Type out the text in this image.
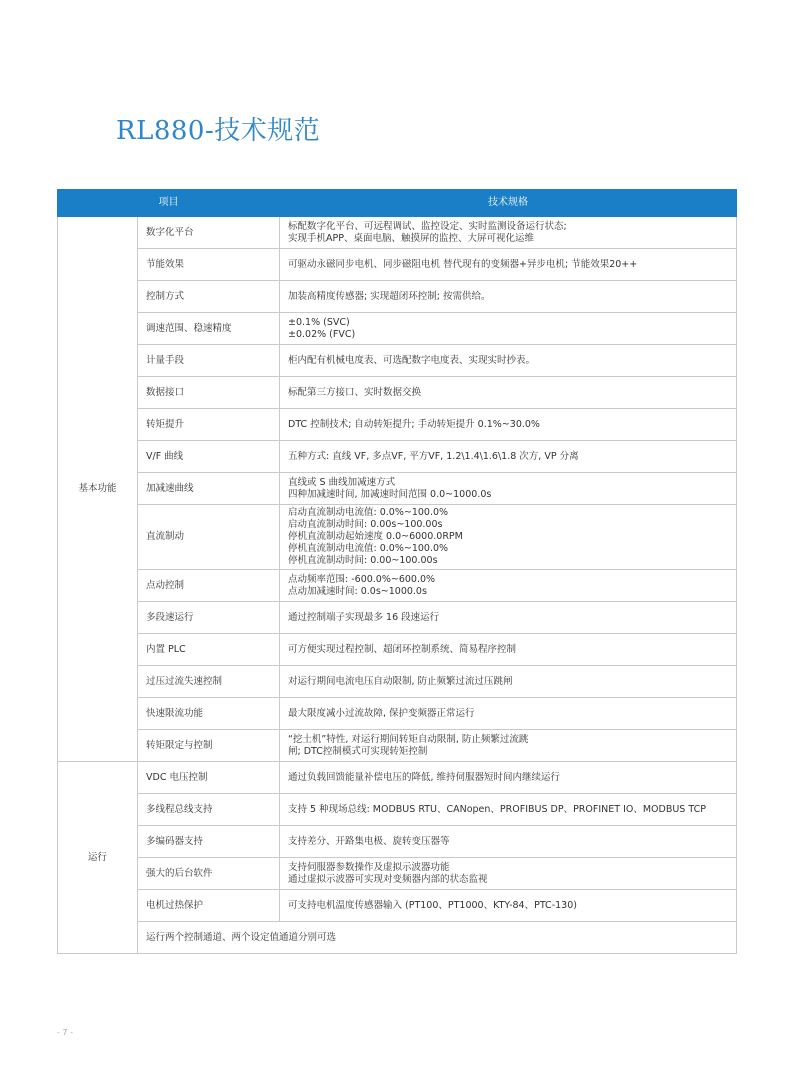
RL880-技术规范
项目		技术规格
基本功能	数字化平台	标配数字化平台、可远程调试、监控设定、实时监测设备运行状态;
实现手机APP、桌面电脑、触摸屏的监控、大屏可视化运维

	节能效果	可驱动永磁同步电机、同步磁阻电机 替代现有的变频器+异步电机; 节能效果20++

	控制方式	加装高精度传感器; 实现超闭环控制; 按需供给。

	调速范围、稳速精度	±0.1% (SVC)
±0.02% (FVC)

	计量手段	柜内配有机械电度表、可选配数字电度表、实现实时抄表。

	数据接口	标配第三方接口、实时数据交换

	转矩提升	DTC 控制技术; 自动转矩提升; 手动转矩提升 0.1%~30.0%

	V/F 曲线	五种方式: 直线 VF, 多点VF, 平方VF, 1.2\1.4\1.6\1.8 次方, VP 分离

	加减速曲线	直线或 S 曲线加减速方式
四种加减速时间, 加减速时间范围 0.0~1000.0s

	直流制动	启动直流制动电流值: 0.0%~100.0%
启动直流制动时间: 0.00s~100.00s
停机直流制动起始速度 0.0~6000.0RPM
停机直流制动电流值: 0.0%~100.0%
停机直流制动时间: 0.00~100.00s

	点动控制	点动频率范围: -600.0%~600.0%
点动加减速时间: 0.0s~1000.0s

	多段速运行	通过控制端子实现最多 16 段速运行

	内置 PLC	可方便实现过程控制、超闭环控制系统、简易程序控制

	过压过流失速控制	对运行期间电流电压自动限制, 防止频繁过流过压跳闸

	快速限流功能	最大限度减小过流故障, 保护变频器正常运行

	转矩限定与控制	“挖土机”特性, 对运行期间转矩自动限制, 防止频繁过流跳
闸; DTC控制模式可实现转矩控制

运行	VDC 电压控制	通过负载回馈能量补偿电压的降低, 维持伺服器短时间内继续运行

	多线程总线支持	支持 5 种现场总线: MODBUS RTU、CANopen、PROFIBUS DP、PROFINET IO、MODBUS TCP

	多编码器支持	支持差分、开路集电极、旋转变压器等

	强大的后台软件	支持伺服器参数操作及虚拟示波器功能
通过虚拟示波器可实现对变频器内部的状态监视

	电机过热保护	可支持电机温度传感器输入 (PT100、PT1000、KTY-84、PTC-130)

	运行两个控制通道、两个设定值通道分别可选	
- 7 -
